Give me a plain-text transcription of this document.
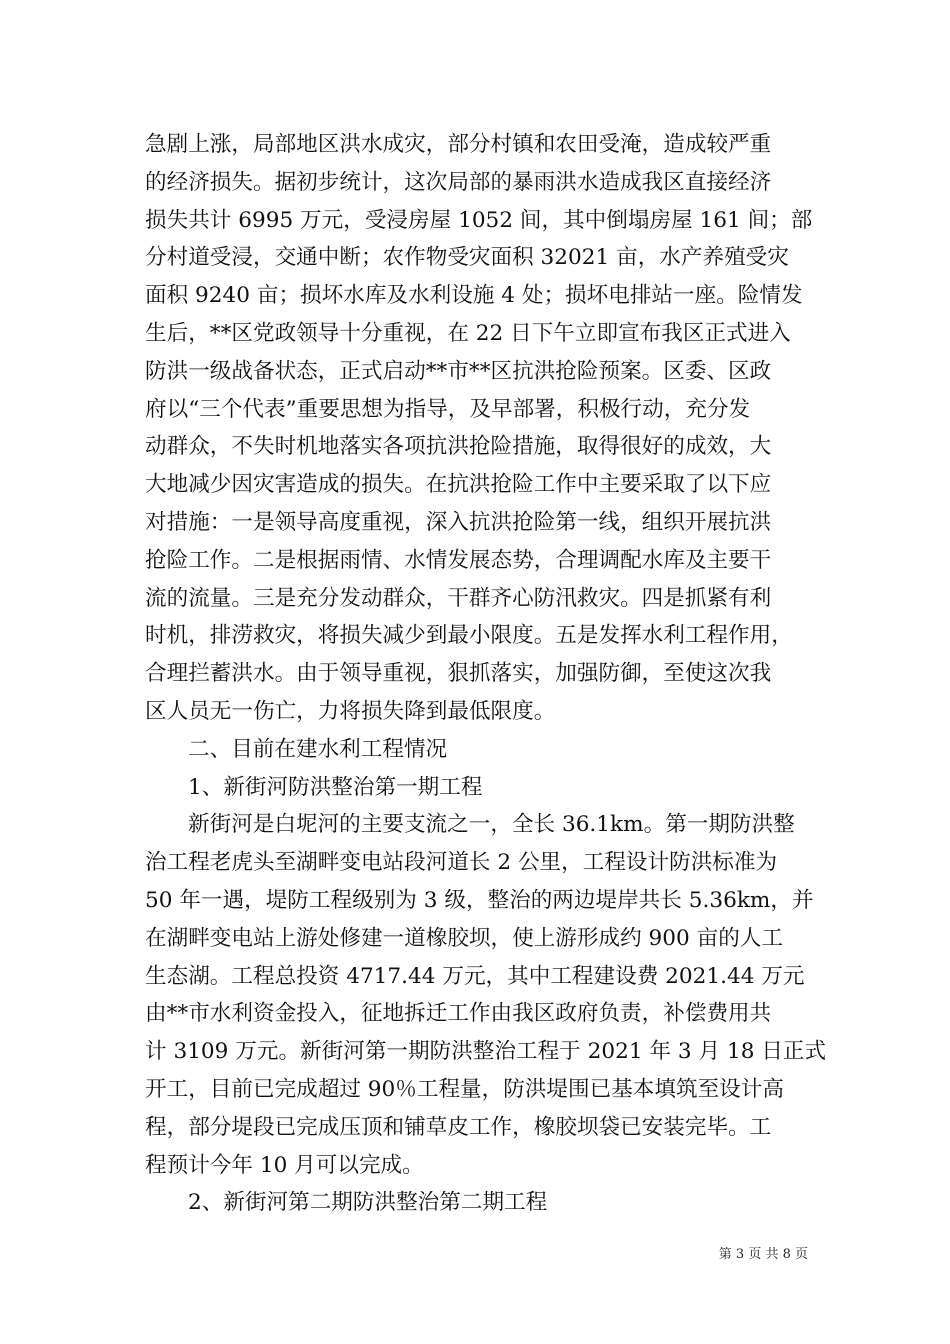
急剧上涨，局部地区洪水成灾，部分村镇和农田受淹，造成较严重
的经济损失。据初步统计，这次局部的暴雨洪水造成我区直接经济
损失共计 6995 万元，受浸房屋 1052 间，其中倒塌房屋 161 间；部
分村道受浸，交通中断；农作物受灾面积 32021 亩，水产养殖受灾
面积 9240 亩；损坏水库及水利设施 4 处；损坏电排站一座。险情发
生后，**区党政领导十分重视，在 22 日下午立即宣布我区正式进入
防洪一级战备状态，正式启动**市**区抗洪抢险预案。区委、区政
府以“三个代表”重要思想为指导，及早部署，积极行动，充分发
动群众，不失时机地落实各项抗洪抢险措施，取得很好的成效，大
大地减少因灾害造成的损失。在抗洪抢险工作中主要采取了以下应
对措施：一是领导高度重视，深入抗洪抢险第一线，组织开展抗洪
抢险工作。二是根据雨情、水情发展态势，合理调配水库及主要干
流的流量。三是充分发动群众，干群齐心防汛救灾。四是抓紧有利
时机，排涝救灾，将损失减少到最小限度。五是发挥水利工程作用，
合理拦蓄洪水。由于领导重视，狠抓落实，加强防御，至使这次我
区人员无一伤亡，力将损失降到最低限度。

二、目前在建水利工程情况

1、新街河防洪整治第一期工程

新街河是白坭河的主要支流之一，全长 36.1km。第一期防洪整
治工程老虎头至湖畔变电站段河道长 2 公里，工程设计防洪标准为
50 年一遇，堤防工程级别为 3 级，整治的两边堤岸共长 5.36km，并
在湖畔变电站上游处修建一道橡胶坝，使上游形成约 900 亩的人工
生态湖。工程总投资 4717.44 万元，其中工程建设费 2021.44 万元
由**市水利资金投入，征地拆迁工作由我区政府负责，补偿费用共
计 3109 万元。新街河第一期防洪整治工程于 2021 年 3 月 18 日正式
开工，目前已完成超过 90％工程量，防洪堤围已基本填筑至设计高
程，部分堤段已完成压顶和铺草皮工作，橡胶坝袋已安装完毕。工
程预计今年 10 月可以完成。

2、新街河第二期防洪整治第二期工程

第 3 页 共 8 页
